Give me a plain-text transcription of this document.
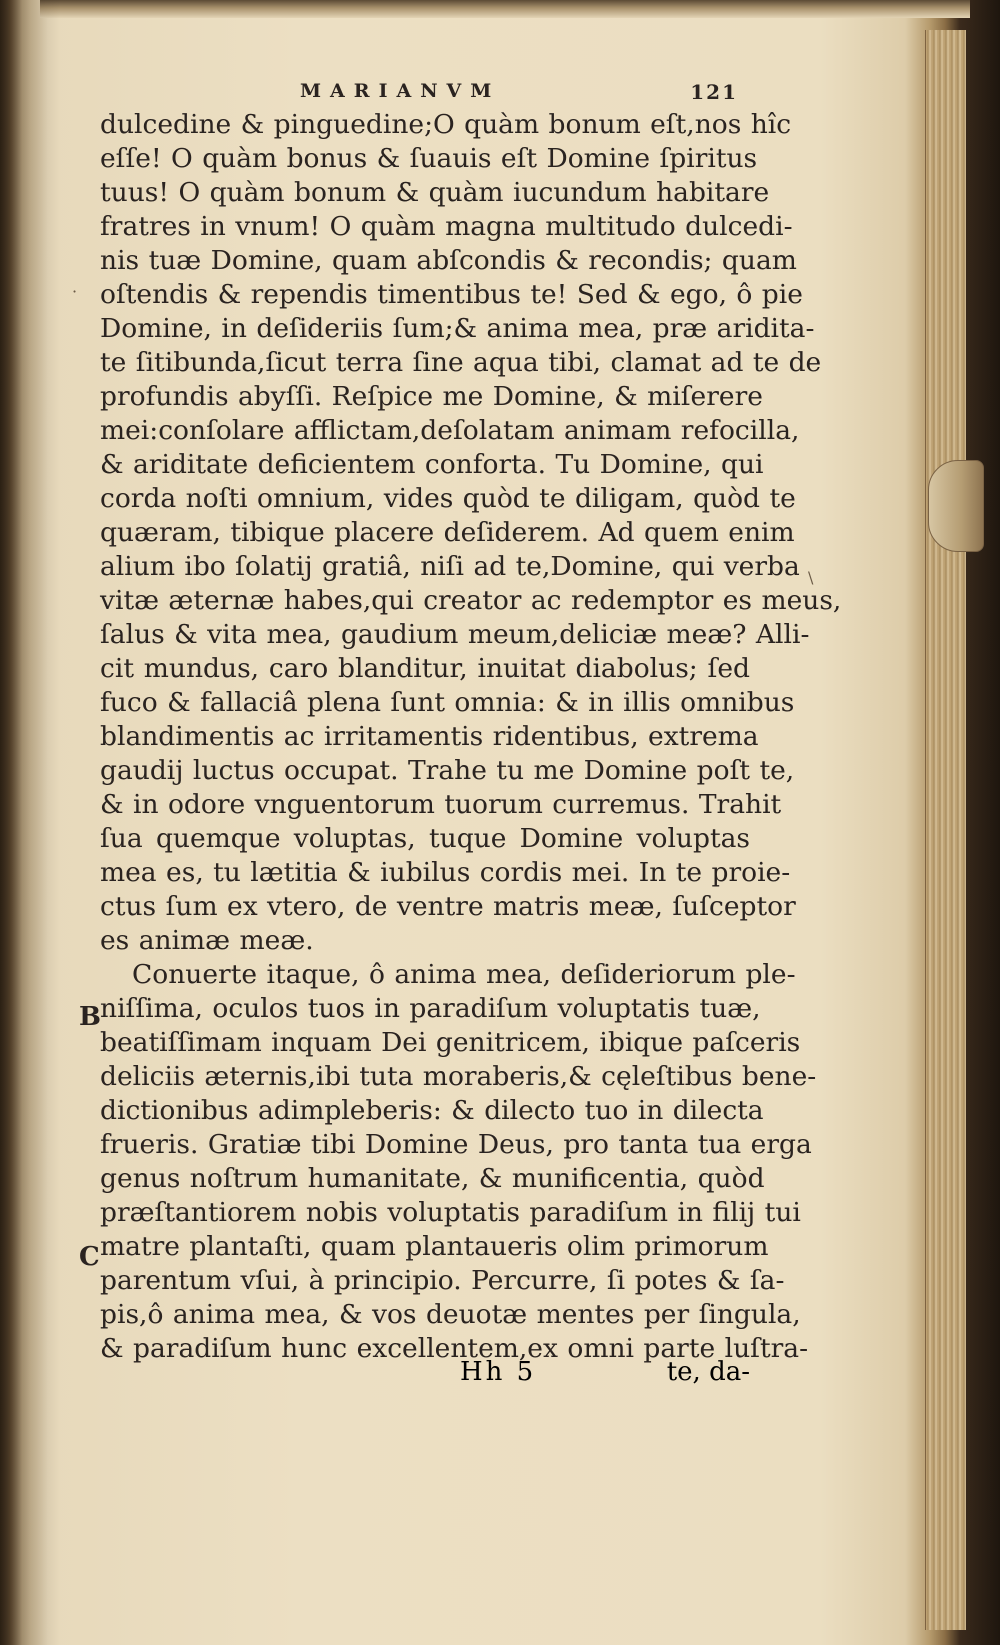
·
\
MARIANVM	121
dulcedine & pinguedine;O quàm bonum eſt,nos hîc
eſſe! O quàm bonus & ſuauis eſt Domine ſpiritus
tuus! O quàm bonum & quàm iucundum habitare
fratres in vnum! O quàm magna multitudo dulcedi-
nis tuæ Domine, quam abſcondis & recondis; quam
oſtendis & rependis timentibus te! Sed & ego, ô pie
Domine, in deſideriis ſum;& anima mea, præ aridita-
te ſitibunda,ſicut terra ſine aqua tibi, clamat ad te de
profundis abyſſi. Reſpice me Domine, & miſerere
mei:conſolare afflictam,deſolatam animam refocilla,
& ariditate deficientem conforta. Tu Domine, qui
corda noſti omnium, vides quòd te diligam, quòd te
quæram, tibique placere deſiderem. Ad quem enim
alium ibo ſolatij gratiâ, niſi ad te,Domine, qui verba
vitæ æternæ habes,qui creator ac redemptor es meus,
ſalus & vita mea, gaudium meum,deliciæ meæ? Alli-
cit mundus, caro blanditur, inuitat diabolus; ſed
fuco & fallaciâ plena ſunt omnia: & in illis omnibus
blandimentis ac irritamentis ridentibus, extrema
gaudij luctus occupat. Trahe tu me Domine poſt te,
& in odore vnguentorum tuorum curremus. Trahit
ſua quemque voluptas, tuque Domine voluptas
mea es, tu lætitia & iubilus cordis mei. In te proie-
ctus ſum ex vtero, de ventre matris meæ, ſuſceptor
es animæ meæ.
Conuerte itaque, ô anima mea, deſideriorum ple-
niſſima, oculos tuos in paradiſum voluptatis tuæ,
beatiſſimam inquam Dei genitricem, ibique paſceris
deliciis æternis,ibi tuta moraberis,& cęleſtibus bene-
dictionibus adimpleberis: & dilecto tuo in dilecta
frueris. Gratiæ tibi Domine Deus, pro tanta tua erga
genus noſtrum humanitate, & munificentia, quòd
præſtantiorem nobis voluptatis paradiſum in filij tui
matre plantaſti, quam plantaueris olim primorum
parentum vſui, à principio. Percurre, ſi potes & ſa-
pis,ô anima mea, & vos deuotæ mentes per ſingula,
& paradiſum hunc excellentem,ex omni parte luſtra-
B
C
Hh 5	te, da-
